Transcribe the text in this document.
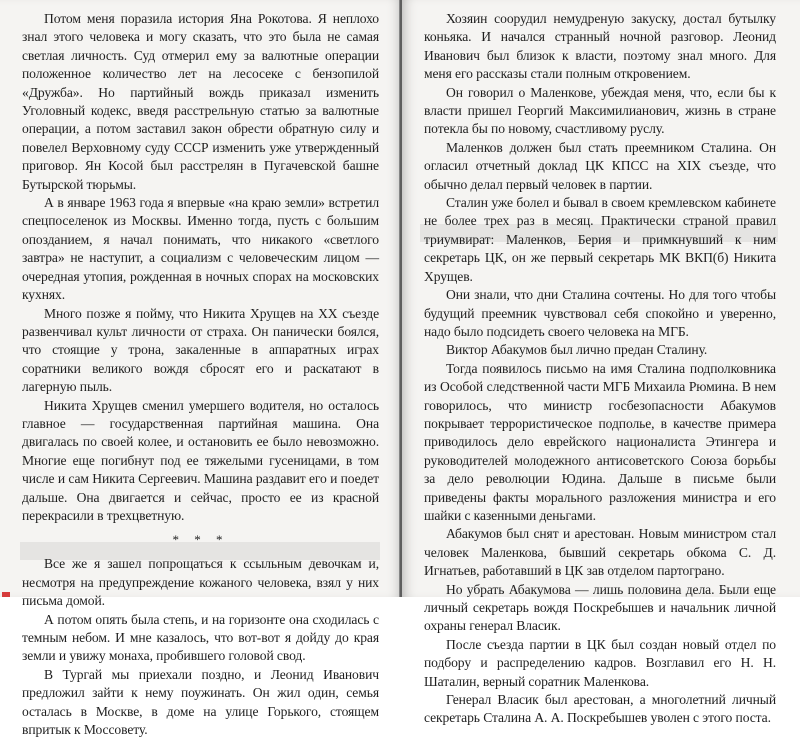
Потом меня поразила история Яна Рокотова. Я неплохо знал этого человека и могу сказать, что это была не самая светлая личность. Суд отмерил ему за валютные операции положенное количество лет на лесосеке с бензопилой «Дружба». Но партийный вождь приказал изменить Уголовный кодекс, введя расстрельную статью за валютные операции, а потом заставил закон обрести обратную силу и повелел Верховному суду СССР изменить уже утвержденный приговор. Ян Косой был расстрелян в Пугачевской башне Бутырской тюрьмы.

А в январе 1963 года я впервые «на краю земли» встретил спецпоселенок из Москвы. Именно тогда, пусть с большим опозданием, я начал понимать, что никакого «светлого завтра» не наступит, а социализм с человеческим лицом — очередная утопия, рожденная в ночных спорах на московских кухнях.

Много позже я пойму, что Никита Хрущев на XX съезде развенчивал культ личности от страха. Он панически боялся, что стоящие у трона, закаленные в аппаратных играх соратники великого вождя сбросят его и раскатают в лагерную пыль.

Никита Хрущев сменил умершего водителя, но осталось главное — государственная партийная машина. Она двигалась по своей колее, и остановить ее было невозможно. Многие еще погибнут под ее тяжелыми гусеницами, в том числе и сам Никита Сергеевич. Машина раздавит его и поедет дальше. Она двигается и сейчас, просто ее из красной перекрасили в трехцветную.

* * *

Все же я зашел попрощаться к ссыльным девочкам и, несмотря на предупреждение кожаного человека, взял у них письма домой.

А потом опять была степь, и на горизонте она сходилась с темным небом. И мне казалось, что вот-вот я дойду до края земли и увижу монаха, пробившего головой свод.

В Тургай мы приехали поздно, и Леонид Иванович предложил зайти к нему поужинать. Он жил один, семья осталась в Москве, в доме на улице Горького, стоящем впритык к Моссовету.

Хозяин соорудил немудреную закуску, достал бутылку коньяка. И начался странный ночной разговор. Леонид Иванович был близок к власти, поэтому знал много. Для меня его рассказы стали полным откровением.

Он говорил о Маленкове, убеждая меня, что, если бы к власти пришел Георгий Максимилианович, жизнь в стране потекла бы по новому, счастливому руслу.

Маленков должен был стать преемником Сталина. Он огласил отчетный доклад ЦК КПСС на XIX съезде, что обычно делал первый человек в партии.

Сталин уже болел и бывал в своем кремлевском кабинете не более трех раз в месяц. Практически страной правил триумвират: Маленков, Берия и примкнувший к ним секретарь ЦК, он же первый секретарь МК ВКП(б) Никита Хрущев.

Они знали, что дни Сталина сочтены. Но для того чтобы будущий преемник чувствовал себя спокойно и уверенно, надо было подсидеть своего человека на МГБ.

Виктор Абакумов был лично предан Сталину.

Тогда появилось письмо на имя Сталина подполковника из Особой следственной части МГБ Михаила Рюмина. В нем говорилось, что министр госбезопасности Абакумов покрывает террористическое подполье, в качестве примера приводилось дело еврейского националиста Этингера и руководителей молодежного антисоветского Союза борьбы за дело революции Юдина. Дальше в письме были приведены факты морального разложения министра и его шайки с казенными деньгами.

Абакумов был снят и арестован. Новым министром стал человек Маленкова, бывший секретарь обкома С. Д. Игнатьев, работавший в ЦК зав отделом партограно.

Но убрать Абакумова — лишь половина дела. Были еще личный секретарь вождя Поскребышев и начальник личной охраны генерал Власик.

После съезда партии в ЦК был создан новый отдел по подбору и распределению кадров. Возглавил его Н. Н. Шаталин, верный соратник Маленкова.

Генерал Власик был арестован, а многолетний личный секретарь Сталина А. А. Поскребышев уволен с этого поста.
